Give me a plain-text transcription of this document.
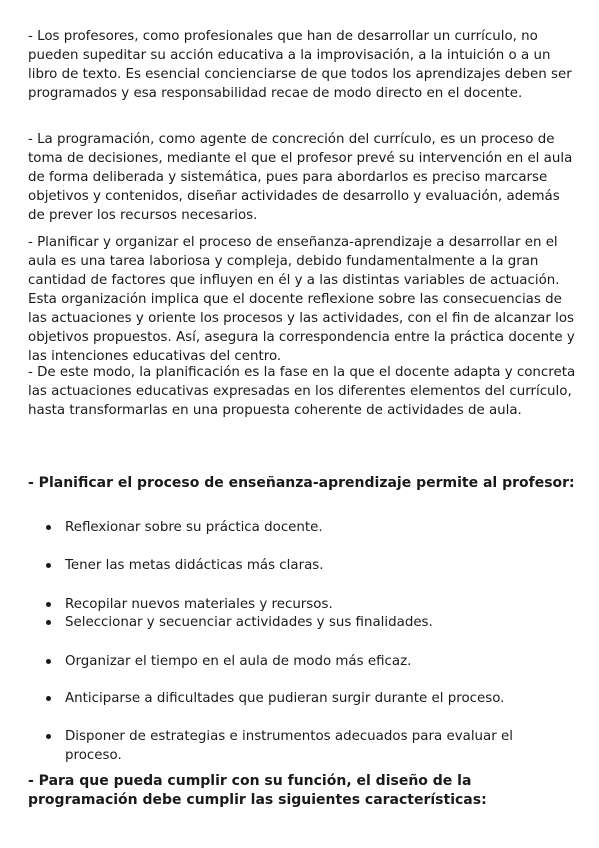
- Los profesores, como profesionales que han de desarrollar un currículo, no pueden supeditar su acción educativa a la improvisación, a la intuición o a un libro de texto. Es esencial concienciarse de que todos los aprendizajes deben ser programados y esa responsabilidad recae de modo directo en el docente.

- La programación, como agente de concreción del currículo, es un proceso de toma de decisiones, mediante el que el profesor prevé su intervención en el aula de forma deliberada y sistemática, pues para abordarlos es preciso marcarse objetivos y contenidos, diseñar actividades de desarrollo y evaluación, además de prever los recursos necesarios.

- Planificar y organizar el proceso de enseñanza-aprendizaje a desarrollar en el aula es una tarea laboriosa y compleja, debido fundamentalmente a la gran cantidad de factores que influyen en él y a las distintas variables de actuación. Esta organización implica que el docente reflexione sobre las consecuencias de las actuaciones y oriente los procesos y las actividades, con el fin de alcanzar los objetivos propuestos. Así, asegura la correspondencia entre la práctica docente y las intenciones educativas del centro.

- De este modo, la planificación es la fase en la que el docente adapta y concreta las actuaciones educativas expresadas en los diferentes elementos del currículo, hasta transformarlas en una propuesta coherente de actividades de aula.

- Planificar el proceso de enseñanza-aprendizaje permite al profesor:

Reflexionar sobre su práctica docente.
Tener las metas didácticas más claras.
Recopilar nuevos materiales y recursos.
Seleccionar y secuenciar actividades y sus finalidades.
Organizar el tiempo en el aula de modo más eficaz.
Anticiparse a dificultades que pudieran surgir durante el proceso.
Disponer de estrategias e instrumentos adecuados para evaluar el proceso.

- Para que pueda cumplir con su función, el diseño de la programación debe cumplir las siguientes características:
